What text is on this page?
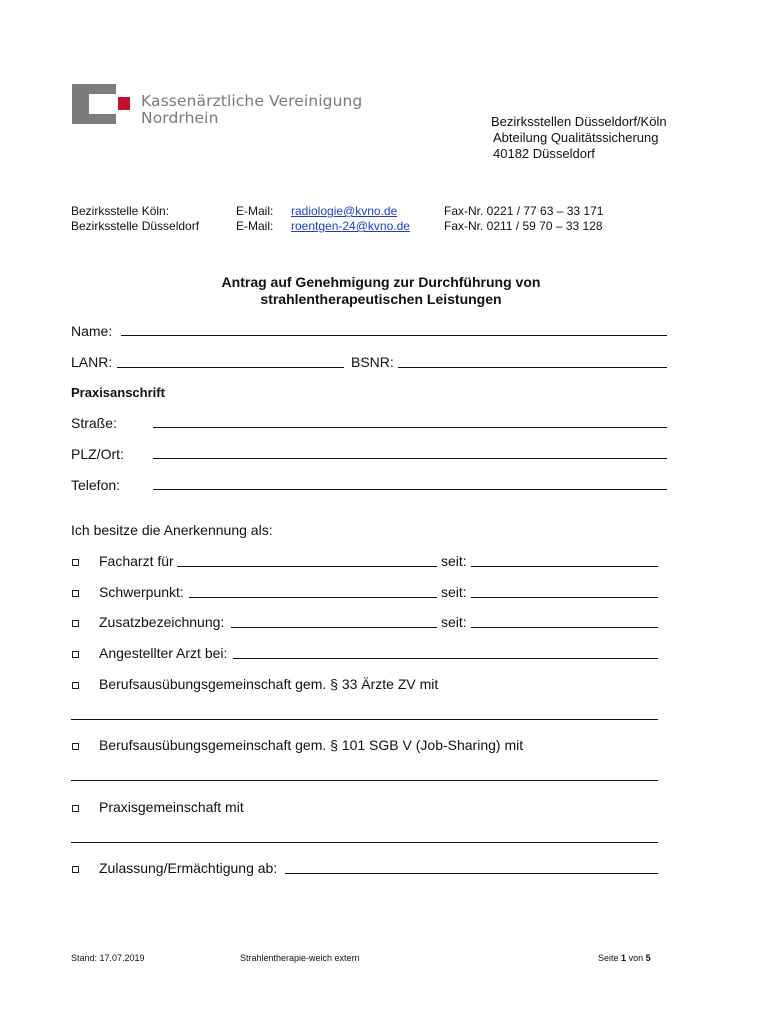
Kassenärztliche Vereinigung
Nordrhein	Bezirksstellen Düsseldorf/Köln
Abteilung Qualitätssicherung
40182 Düsseldorf
Bezirksstelle Köln:	E-Mail: radiologie@kvno.de	Fax-Nr. 0221 / 77 63 – 33 171
Bezirksstelle Düsseldorf	E-Mail: roentgen-24@kvno.de	Fax-Nr. 0211 / 59 70 – 33 128
Antrag auf Genehmigung zur Durchführung von
strahlentherapeutischen Leistungen
Name:
LANR:	BSNR:
Praxisanschrift
Straße:
PLZ/Ort:
Telefon:
Ich besitze die Anerkennung als:
Facharzt für	seit:
Schwerpunkt:	seit:
Zusatzbezeichnung:	seit:
Angestellter Arzt bei:
Berufsausübungsgemeinschaft gem. § 33 Ärzte ZV mit
Berufsausübungsgemeinschaft gem. § 101 SGB V (Job-Sharing) mit
Praxisgemeinschaft mit
Zulassung/Ermächtigung ab:
Stand: 17.07.2019	Strahlentherapie-weich extern	Seite 1 von 5
